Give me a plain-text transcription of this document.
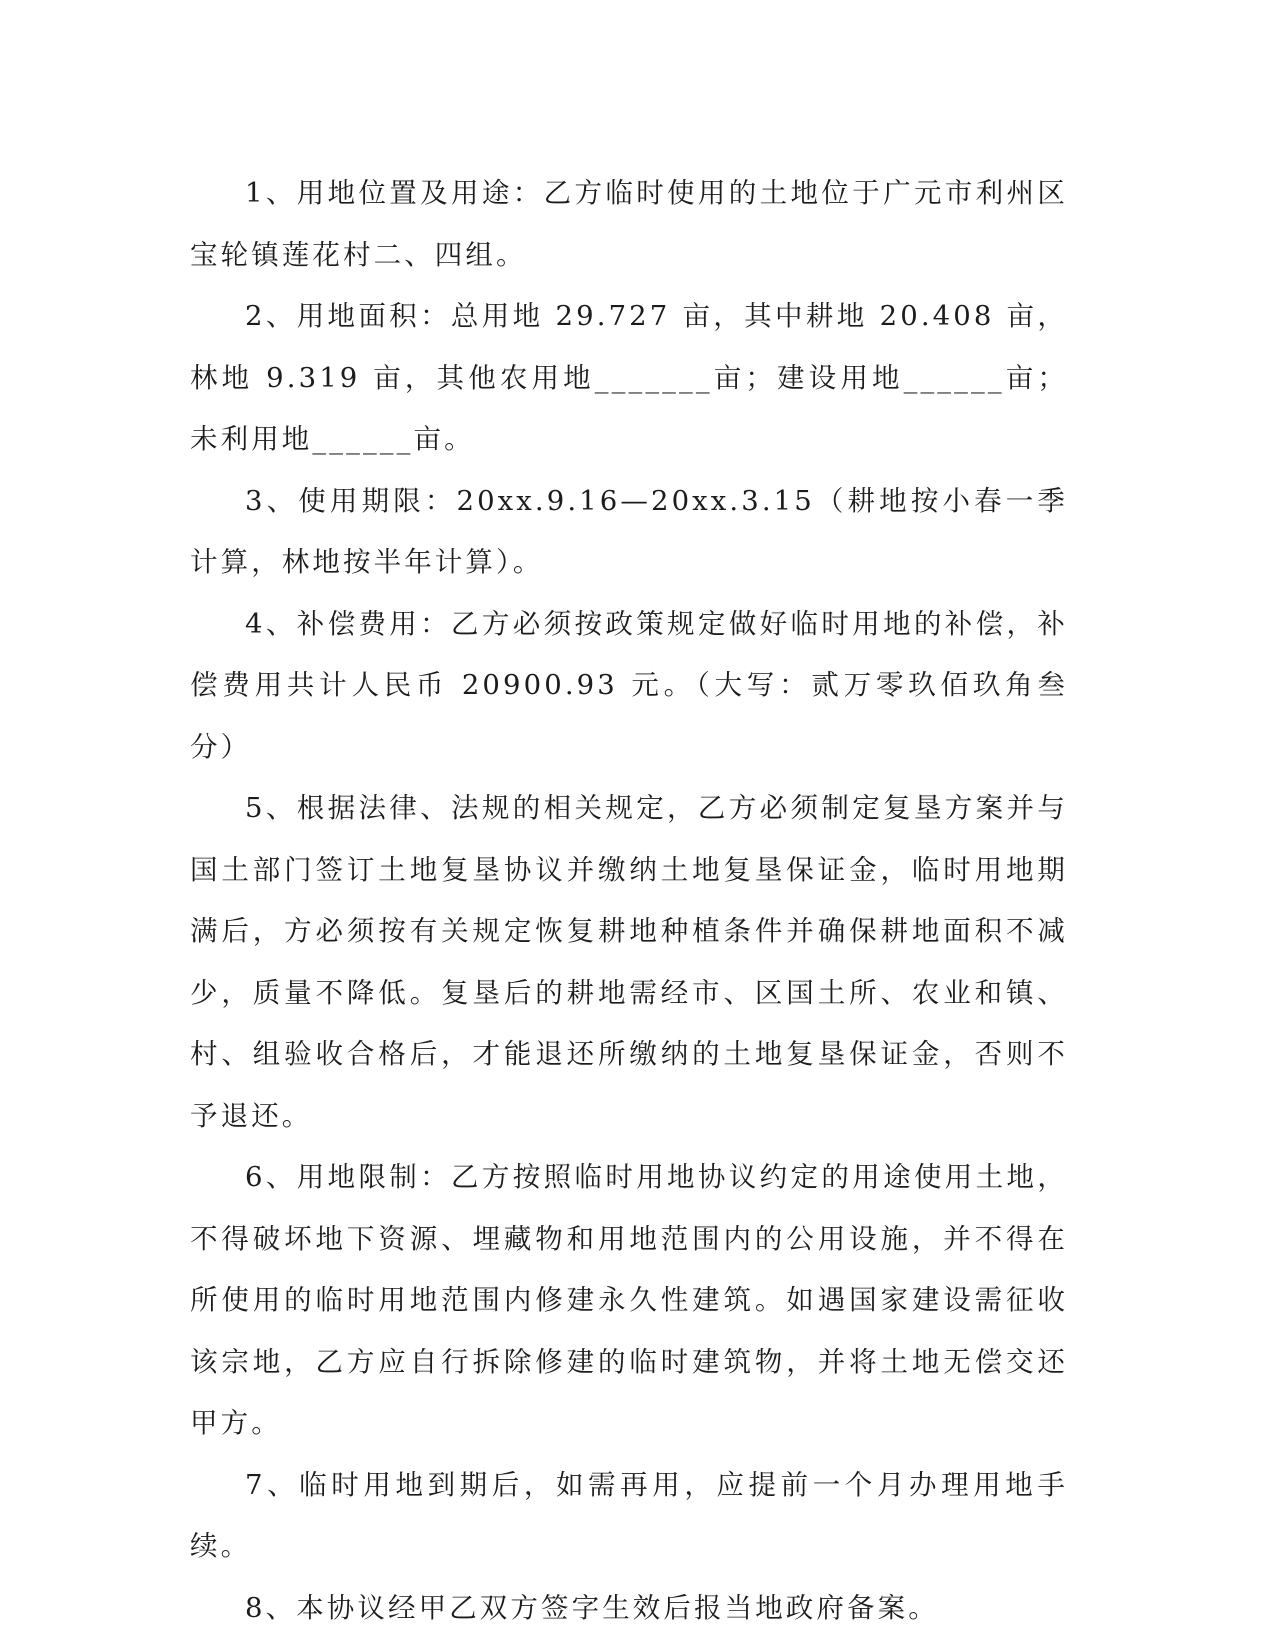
1、用地位置及用途：乙方临时使用的土地位于广元市利州区宝轮镇莲花村二、四组。

2、用地面积：总用地 29.727 亩，其中耕地 20.408 亩，林地 9.319 亩，其他农用地_______亩；建设用地______亩；未利用地______亩。

3、使用期限：20xx.9.16—20xx.3.15（耕地按小春一季计算，林地按半年计算）。

4、补偿费用：乙方必须按政策规定做好临时用地的补偿，补偿费用共计人民币 20900.93 元。（大写：贰万零玖佰玖角叁分）

5、根据法律、法规的相关规定，乙方必须制定复垦方案并与国土部门签订土地复垦协议并缴纳土地复垦保证金，临时用地期满后，方必须按有关规定恢复耕地种植条件并确保耕地面积不减少，质量不降低。复垦后的耕地需经市、区国土所、农业和镇、村、组验收合格后，才能退还所缴纳的土地复垦保证金，否则不予退还。

6、用地限制：乙方按照临时用地协议约定的用途使用土地，不得破坏地下资源、埋藏物和用地范围内的公用设施，并不得在所使用的临时用地范围内修建永久性建筑。如遇国家建设需征收该宗地，乙方应自行拆除修建的临时建筑物，并将土地无偿交还甲方。

7、临时用地到期后，如需再用，应提前一个月办理用地手续。

8、本协议经甲乙双方签字生效后报当地政府备案。
